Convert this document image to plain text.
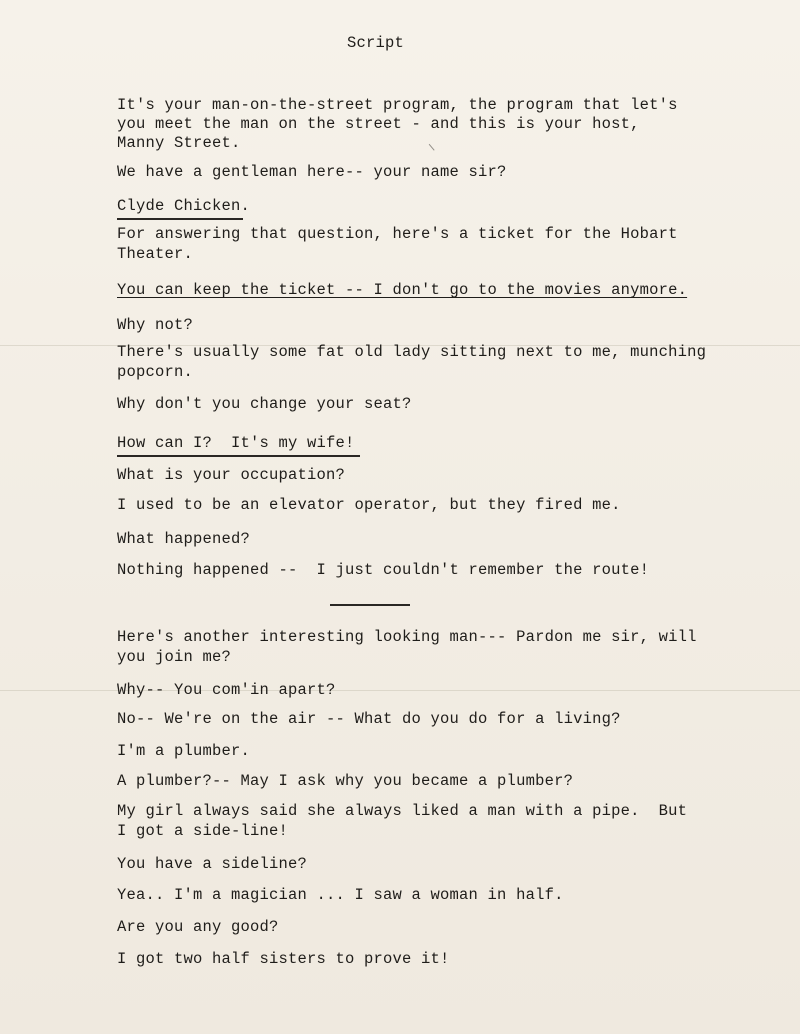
Script
It's your man-on-the-street program, the program that let's
you meet the man on the street - and this is your host,
Manny Street.
We have a gentleman here-- your name sir?
Clyde Chicken.
For answering that question, here's a ticket for the Hobart
Theater.
You can keep the ticket -- I don't go to the movies anymore.
Why not?
There's usually some fat old lady sitting next to me, munching
popcorn.
Why don't you change your seat?
How can I?  It's my wife!
What is your occupation?
I used to be an elevator operator, but they fired me.
What happened?
Nothing happened --  I just couldn't remember the route!
Here's another interesting looking man--- Pardon me sir, will
you join me?
Why-- You com'in apart?
No-- We're on the air -- What do you do for a living?
I'm a plumber.
A plumber?-- May I ask why you became a plumber?
My girl always said she always liked a man with a pipe.  But
I got a side-line!
You have a sideline?
Yea.. I'm a magician ... I saw a woman in half.
Are you any good?
I got two half sisters to prove it!
